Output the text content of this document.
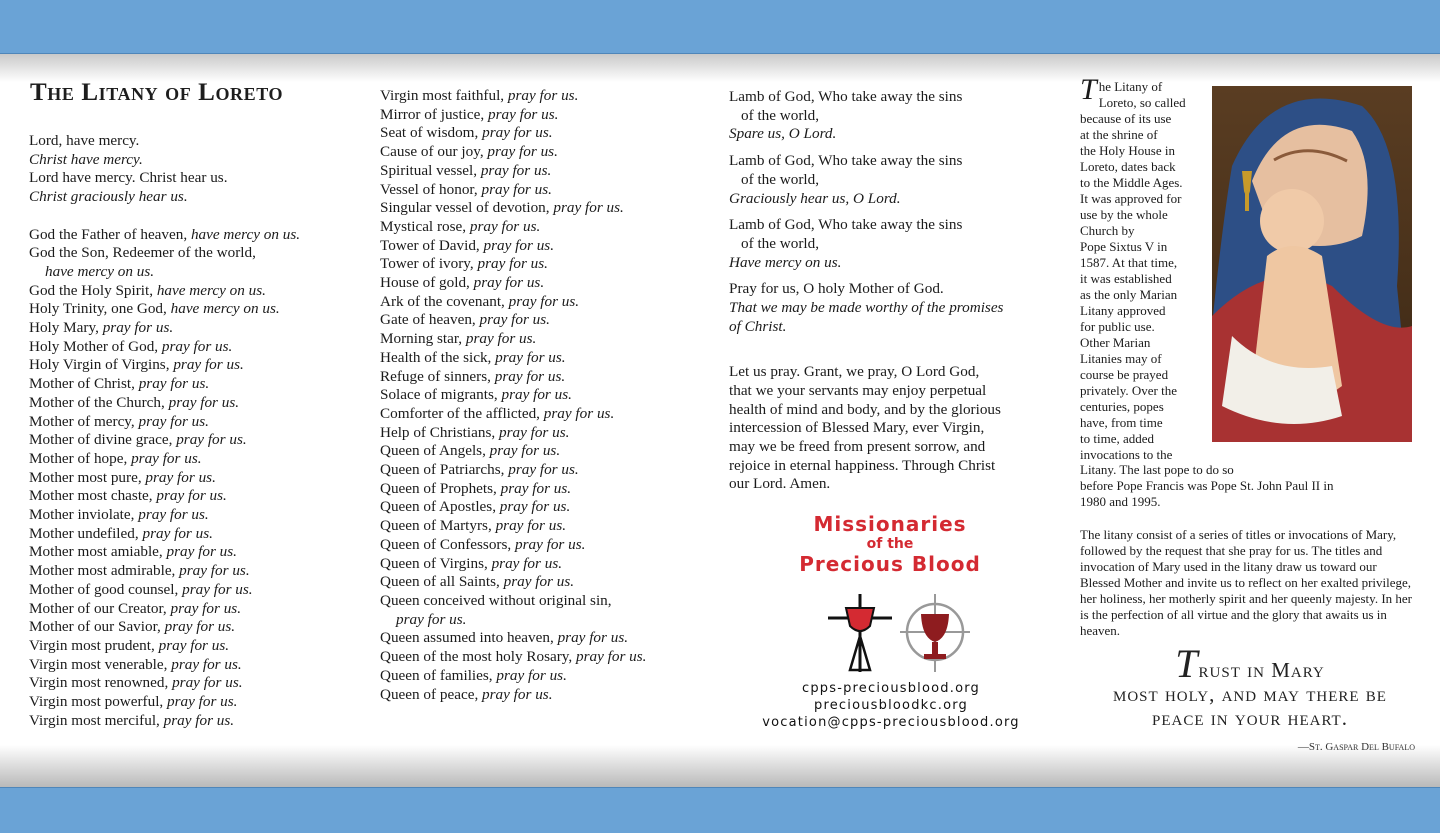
The Litany of Loreto
Lord, have mercy.
Christ have mercy.
Lord have mercy. Christ hear us.
Christ graciously hear us.
God the Father of heaven, have mercy on us.
God the Son, Redeemer of the world,
have mercy on us.
God the Holy Spirit, have mercy on us.
Holy Trinity, one God, have mercy on us.
Holy Mary, pray for us.
Holy Mother of God, pray for us.
Holy Virgin of Virgins, pray for us.
Mother of Christ, pray for us.
Mother of the Church, pray for us.
Mother of mercy, pray for us.
Mother of divine grace, pray for us.
Mother of hope, pray for us.
Mother most pure, pray for us.
Mother most chaste, pray for us.
Mother inviolate, pray for us.
Mother undefiled, pray for us.
Mother most amiable, pray for us.
Mother most admirable, pray for us.
Mother of good counsel, pray for us.
Mother of our Creator, pray for us.
Mother of our Savior, pray for us.
Virgin most prudent, pray for us.
Virgin most venerable, pray for us.
Virgin most renowned, pray for us.
Virgin most powerful, pray for us.
Virgin most merciful, pray for us.
Virgin most faithful, pray for us.
Mirror of justice, pray for us.
Seat of wisdom, pray for us.
Cause of our joy, pray for us.
Spiritual vessel, pray for us.
Vessel of honor, pray for us.
Singular vessel of devotion, pray for us.
Mystical rose, pray for us.
Tower of David, pray for us.
Tower of ivory, pray for us.
House of gold, pray for us.
Ark of the covenant, pray for us.
Gate of heaven, pray for us.
Morning star, pray for us.
Health of the sick, pray for us.
Refuge of sinners, pray for us.
Solace of migrants, pray for us.
Comforter of the afflicted, pray for us.
Help of Christians, pray for us.
Queen of Angels, pray for us.
Queen of Patriarchs, pray for us.
Queen of Prophets, pray for us.
Queen of Apostles, pray for us.
Queen of Martyrs, pray for us.
Queen of Confessors, pray for us.
Queen of Virgins, pray for us.
Queen of all Saints, pray for us.
Queen conceived without original sin,
pray for us.
Queen assumed into heaven, pray for us.
Queen of the most holy Rosary, pray for us.
Queen of families, pray for us.
Queen of peace, pray for us.
Lamb of God, Who take away the sins
of the world,
Spare us, O Lord.
Lamb of God, Who take away the sins
of the world,
Graciously hear us, O Lord.
Lamb of God, Who take away the sins
of the world,
Have mercy on us.
Pray for us, O holy Mother of God.
That we may be made worthy of the promises
of Christ.
Let us pray. Grant, we pray, O Lord God,
that we your servants may enjoy perpetual
health of mind and body, and by the glorious
intercession of Blessed Mary, ever Virgin,
may we be freed from present sorrow, and
rejoice in eternal happiness. Through Christ
our Lord. Amen.
Missionaries
of the
Precious Blood
cpps-preciousblood.org
preciousbloodkc.org
vocation@cpps-preciousblood.org
T he Litany of
Loreto, so called
because of its use
at the shrine of
the Holy House in
Loreto, dates back
to the Middle Ages.
It was approved for
use by the whole
Church by
Pope Sixtus V in
1587. At that time,
it was established
as the only Marian
Litany approved
for public use.
Other Marian
Litanies may of
course be prayed
privately. Over the
centuries, popes
have, from time
to time, added
invocations to the
Litany. The last pope to do so
before Pope Francis was Pope St. John Paul II in
1980 and 1995.
The litany consist of a series of titles or invocations of Mary, followed by the request that she pray for us. The titles and invocation of Mary used in the litany draw us toward our Blessed Mother and invite us to reflect on her exalted privilege, her holiness, her motherly spirit and her queenly majesty. In her is the perfection of all virtue and the glory that awaits us in heaven.
Trust in Mary
most holy, and may there be
peace in your heart.
—St. Gaspar Del Bufalo
